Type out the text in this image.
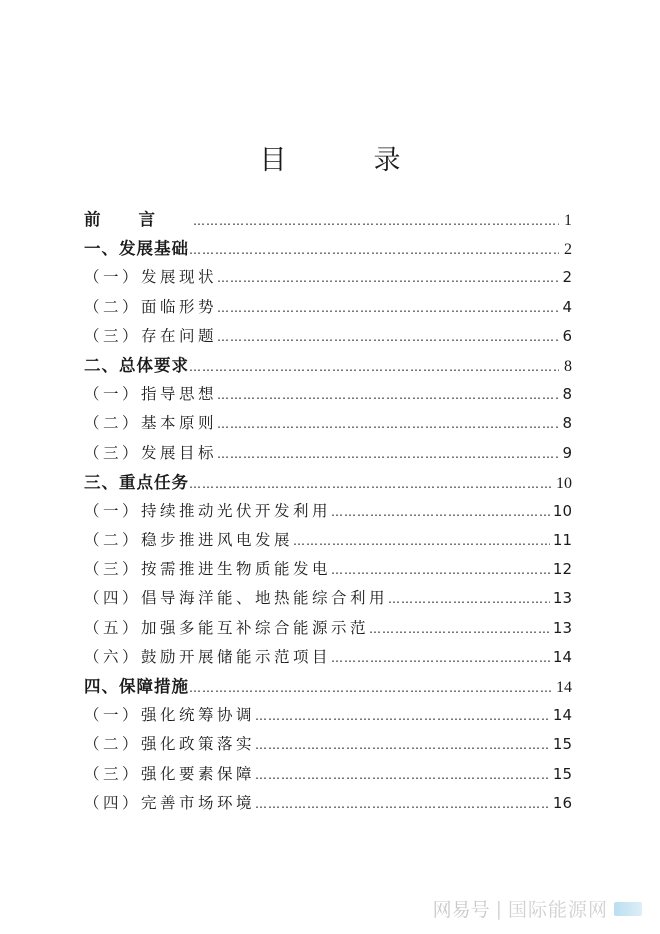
目　录
前言 …………………………………………………………………………………………………………………………	1
一、发展基础 …………………………………………………………………………………………………………………………	2
（一）发展现状 …………………………………………………………………………………………………………………………	2
（二）面临形势 …………………………………………………………………………………………………………………………	4
（三）存在问题 …………………………………………………………………………………………………………………………	6
二、总体要求 …………………………………………………………………………………………………………………………	8
（一）指导思想 …………………………………………………………………………………………………………………………	8
（二）基本原则 …………………………………………………………………………………………………………………………	8
（三）发展目标 …………………………………………………………………………………………………………………………	9
三、重点任务 …………………………………………………………………………………………………………………………	10
（一）持续推动光伏开发利用 …………………………………………………………………………………………………………………………	10
（二）稳步推进风电发展 …………………………………………………………………………………………………………………………	11
（三）按需推进生物质能发电 …………………………………………………………………………………………………………………………	12
（四）倡导海洋能、地热能综合利用 …………………………………………………………………………………………………………………………	13
（五）加强多能互补综合能源示范 …………………………………………………………………………………………………………………………	13
（六）鼓励开展储能示范项目 …………………………………………………………………………………………………………………………	14
四、保障措施 …………………………………………………………………………………………………………………………	14
（一）强化统筹协调 …………………………………………………………………………………………………………………………	14
（二）强化政策落实 …………………………………………………………………………………………………………………………	15
（三）强化要素保障 …………………………………………………………………………………………………………………………	15
（四）完善市场环境 …………………………………………………………………………………………………………………………	16
网易号 | 国际能源网
